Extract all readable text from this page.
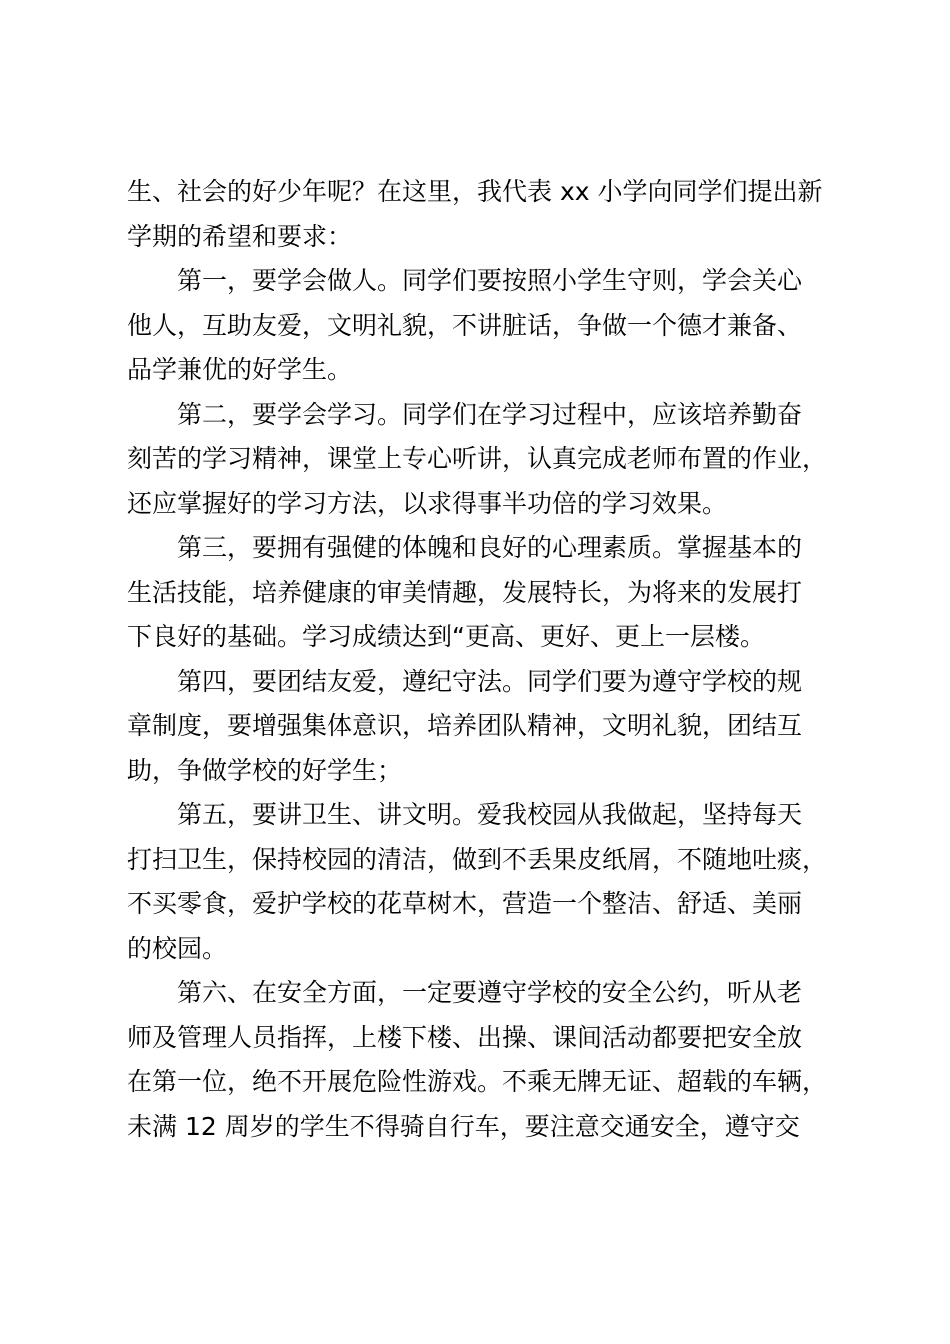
生、社会的好少年呢？在这里，我代表 xx 小学向同学们提出新
学期的希望和要求：
第一，要学会做人。同学们要按照小学生守则，学会关心
他人，互助友爱，文明礼貌，不讲脏话，争做一个德才兼备、
品学兼优的好学生。
第二，要学会学习。同学们在学习过程中，应该培养勤奋
刻苦的学习精神，课堂上专心听讲，认真完成老师布置的作业，
还应掌握好的学习方法，以求得事半功倍的学习效果。
第三，要拥有强健的体魄和良好的心理素质。掌握基本的
生活技能，培养健康的审美情趣，发展特长，为将来的发展打
下良好的基础。学习成绩达到“更高、更好、更上一层楼。
第四，要团结友爱，遵纪守法。同学们要为遵守学校的规
章制度，要增强集体意识，培养团队精神，文明礼貌，团结互
助，争做学校的好学生；
第五，要讲卫生、讲文明。爱我校园从我做起，坚持每天
打扫卫生，保持校园的清洁，做到不丢果皮纸屑，不随地吐痰，
不买零食，爱护学校的花草树木，营造一个整洁、舒适、美丽
的校园。
第六、在安全方面，一定要遵守学校的安全公约，听从老
师及管理人员指挥，上楼下楼、出操、课间活动都要把安全放
在第一位，绝不开展危险性游戏。不乘无牌无证、超载的车辆，
未满 12 周岁的学生不得骑自行车，要注意交通安全，遵守交
